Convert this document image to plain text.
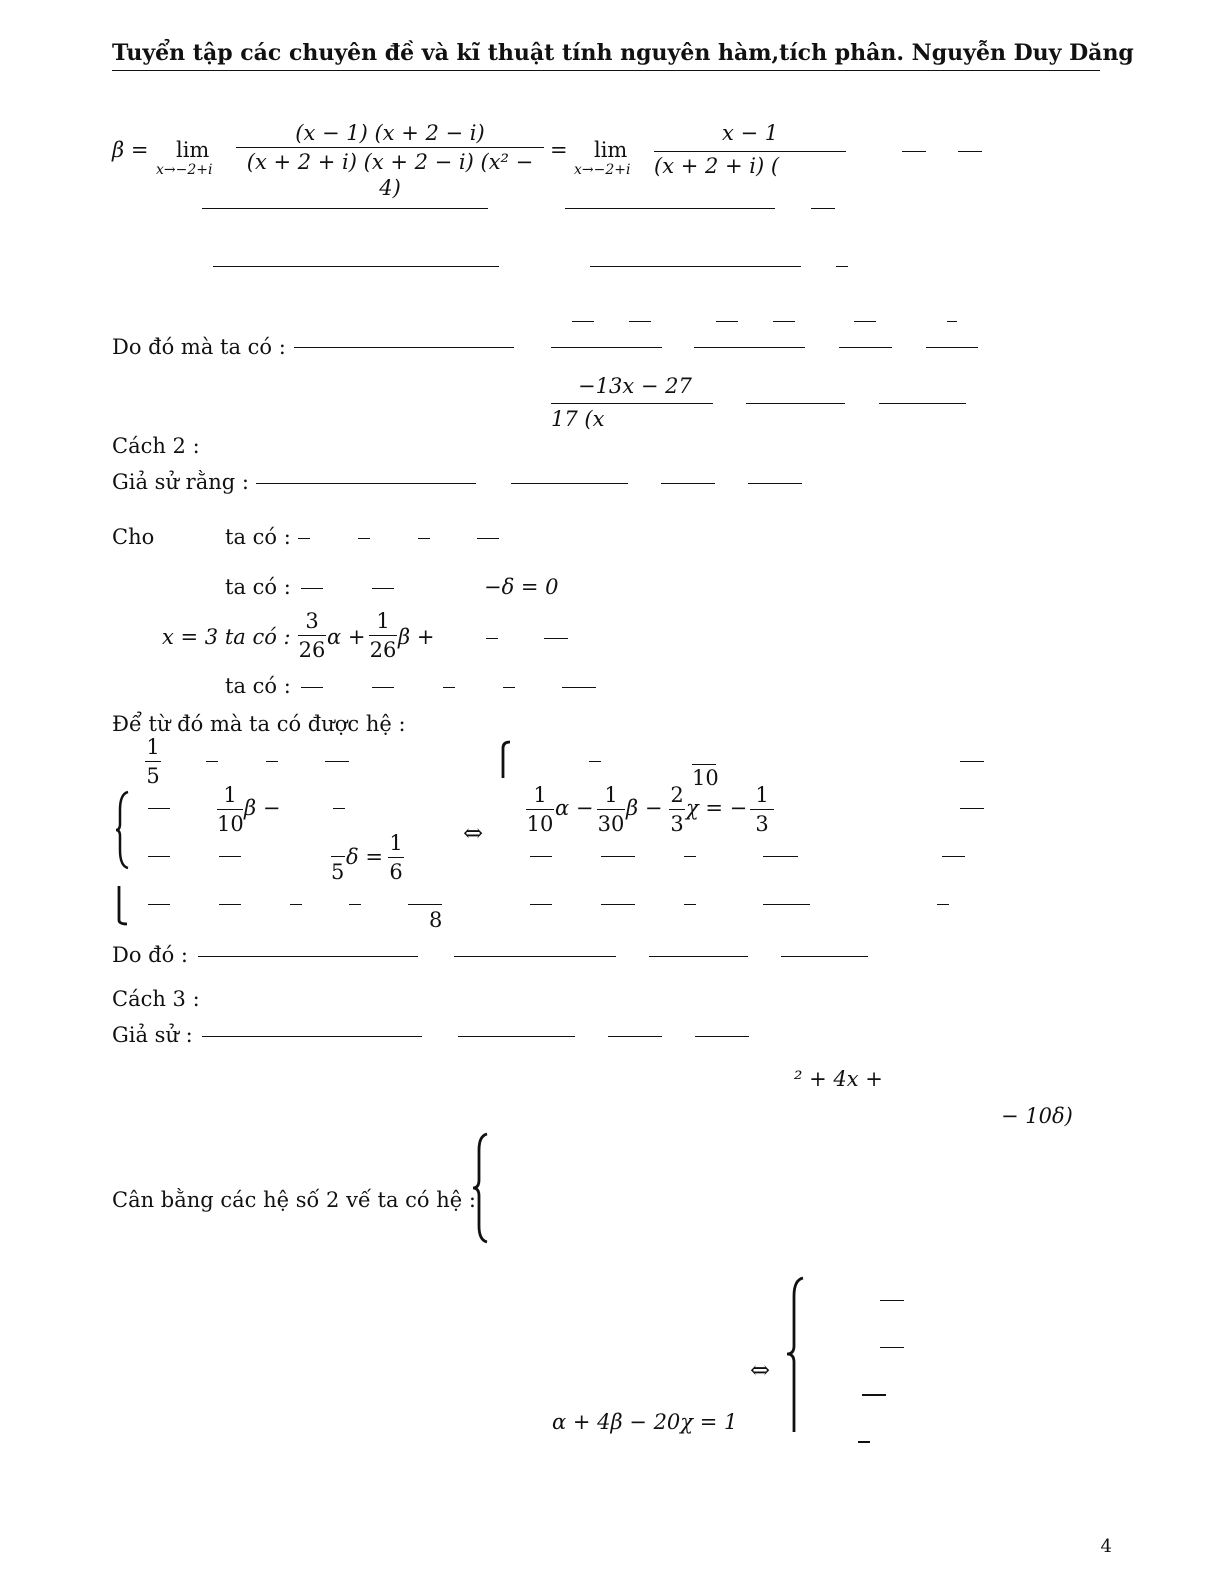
Tuyển tập các chuyên đề và kĩ thuật tính nguyên hàm,tích phân. Nguyễn Duy Dăng
β = lim
x→−2+i
(x − 1) (x + 2 − i)
(x + 2 + i) (x + 2 − i) (x² − 4)
= lim
x→−2+i
x − 1
(x + 2 + i) (
Do đó mà ta có :
−13x − 27
17 (x
Cách 2 :
Giả sử rằng :
Cho	ta có :
ta có :	−δ = 0
x = 3 ta có :
3
26
α +
1
26
β +
ta có :
Để từ đó mà ta có được hệ :
1
5
1
10
β −
5
δ =
1
6
8
⇔
10
1
10
α −
1
30
β −
2
3
χ = −
1
3
Do đó :
Cách 3 :
Giả sử :
² + 4x +
− 10δ)
Cân bằng các hệ số 2 vế ta có hệ :
⇔
α + 4β − 20χ = 1
4
